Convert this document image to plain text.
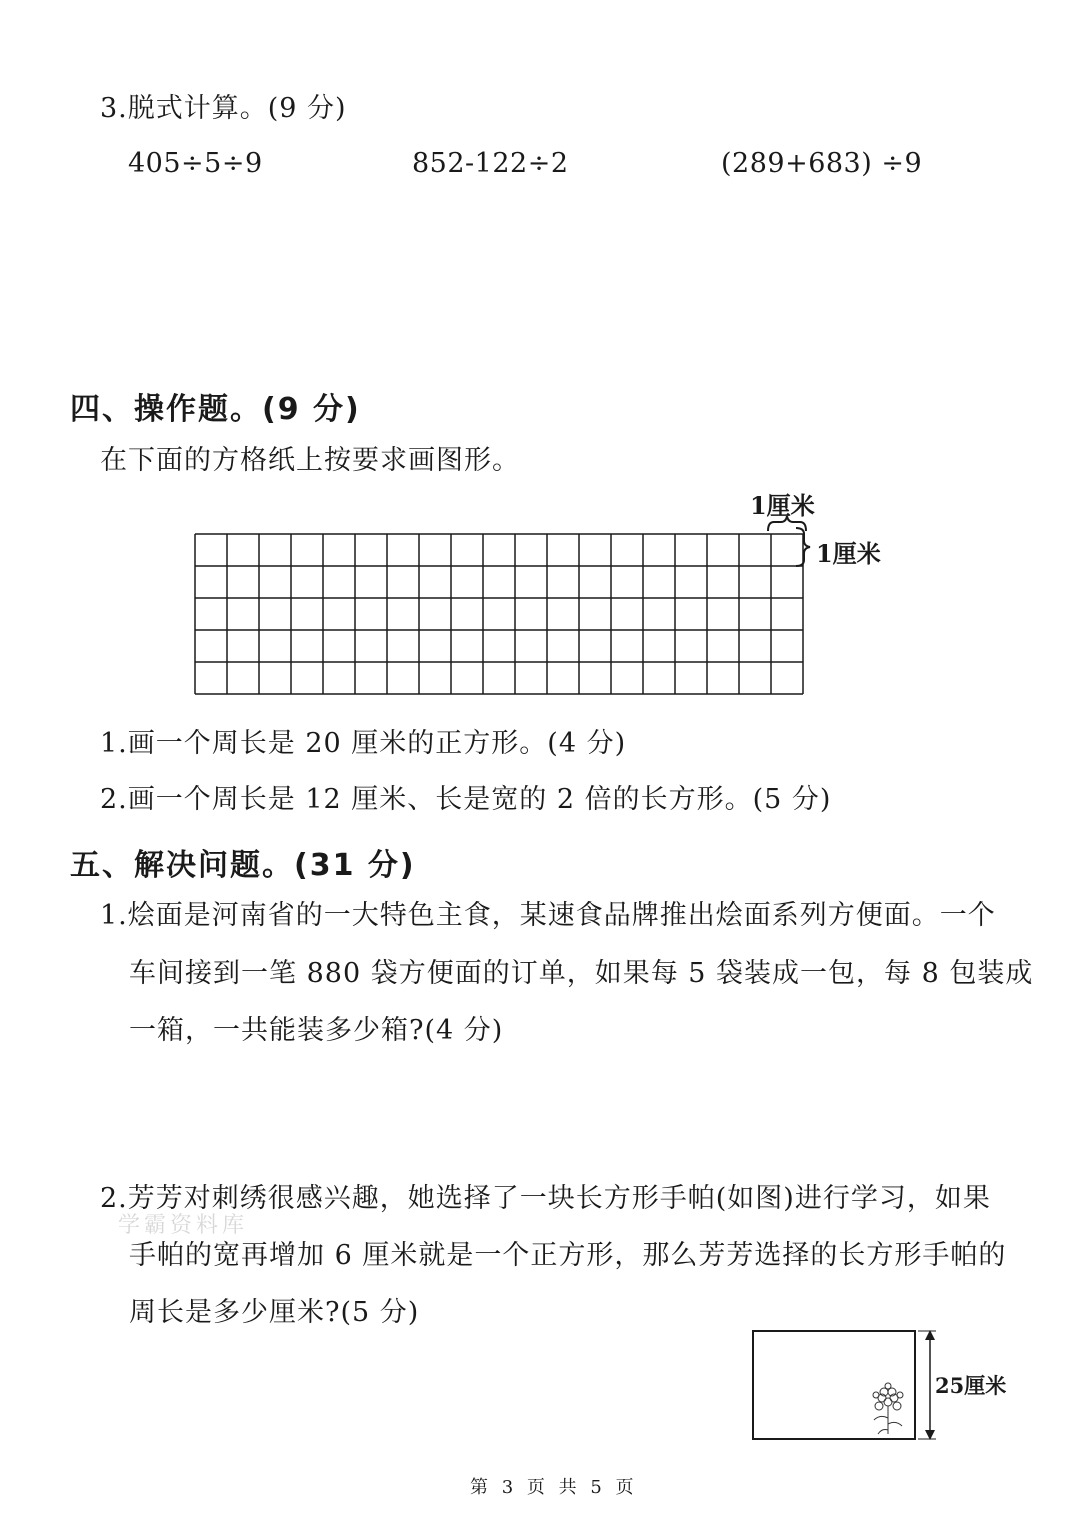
3.脱式计算。(9 分)
405÷5÷9	852-122÷2	(289+683) ÷9
四、操作题。(9 分)
在下面的方格纸上按要求画图形。
1厘米
1厘米
1.画一个周长是 20 厘米的正方形。(4 分)
2.画一个周长是 12 厘米、长是宽的 2 倍的长方形。(5 分)
五、解决问题。(31 分)
1.烩面是河南省的一大特色主食，某速食品牌推出烩面系列方便面。一个
车间接到一笔 880 袋方便面的订单，如果每 5 袋装成一包，每 8 包装成
一箱，一共能装多少箱?(4 分)
2.芳芳对刺绣很感兴趣，她选择了一块长方形手帕(如图)进行学习，如果
手帕的宽再增加 6 厘米就是一个正方形，那么芳芳选择的长方形手帕的
周长是多少厘米?(5 分)
学霸资料库
25厘米
第 3 页 共 5 页
